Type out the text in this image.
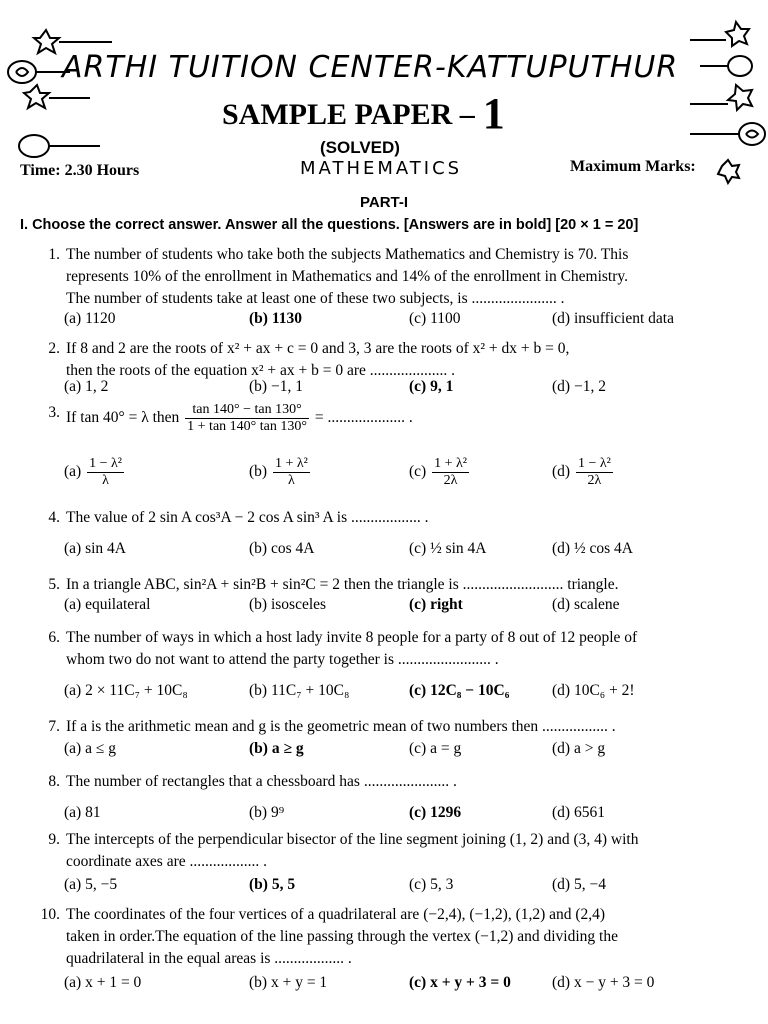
ARTHI TUITION CENTER-KATTUPUTHUR
SAMPLE PAPER – 1
(SOLVED)
MATHEMATICS
Time: 2.30 Hours	Maximum Marks:
PART-I
I. Choose the correct answer. Answer all the questions. [Answers are in bold] [20 × 1 = 20]
1. The number of students who take both the subjects Mathematics and Chemistry is 70. This
represents 10% of the enrollment in Mathematics and 14% of the enrollment in Chemistry.
The number of students take at least one of these two subjects, is ...................... .
(a) 1120	(b) 1130	(c) 1100	(d) insufficient data
2. If 8 and 2 are the roots of x² + ax + c = 0 and 3, 3 are the roots of x² + dx + b = 0,
then the roots of the equation x² + ax + b = 0 are .................... .
(a) 1, 2	(b) −1, 1	(c) 9, 1	(d) −1, 2
3. If tan 40° = λ then $\frac{\tan 140^\circ - \tan 130^\circ}{1 + \tan 140^\circ \tan 130^\circ}$ = .................... .
$(a) \frac{\text{1 − λ²}}{\lambda}$	$(b) \frac{\text{1 + λ²}}{\lambda}$	$(c) \frac{\text{1 + λ²}}{2\lambda}$	$(d) \frac{\text{1 − λ²}}{2\lambda}$
4. The value of 2 sin A cos³A − 2 cos A sin³ A is .................. .
(a) sin 4A	(b) cos 4A	(c) ½ sin 4A	(d) ½ cos 4A
5. In a triangle ABC, sin²A + sin²B + sin²C = 2 then the triangle is .......................... triangle.
(a) equilateral	(b) isosceles	(c) right	(d) scalene
6. The number of ways in which a host lady invite 8 people for a party of 8 out of 12 people of
whom two do not want to attend the party together is ........................ .
(a) 2 × 11C₇ + 10C₈	(b) 11C₇ + 10C₈	(c) 12C₈ − 10C₆	(d) 10C₆ + 2!
7. If a is the arithmetic mean and g is the geometric mean of two numbers then ................. .
(a) a ≤ g	(b) a ≥ g	(c) a = g	(d) a > g
8. The number of rectangles that a chessboard has ...................... .
(a) 81	(b) 9⁹	(c) 1296	(d) 6561
9. The intercepts of the perpendicular bisector of the line segment joining (1, 2) and (3, 4) with
coordinate axes are .................. .
(a) 5, −5	(b) 5, 5	(c) 5, 3	(d) 5, −4
10. The coordinates of the four vertices of a quadrilateral are (−2,4), (−1,2), (1,2) and (2,4)
taken in order.The equation of the line passing through the vertex (−1,2) and dividing the
quadrilateral in the equal areas is .................. .
(a) x + 1 = 0	(b) x + y = 1	(c) x + y + 3 = 0	(d) x − y + 3 = 0
